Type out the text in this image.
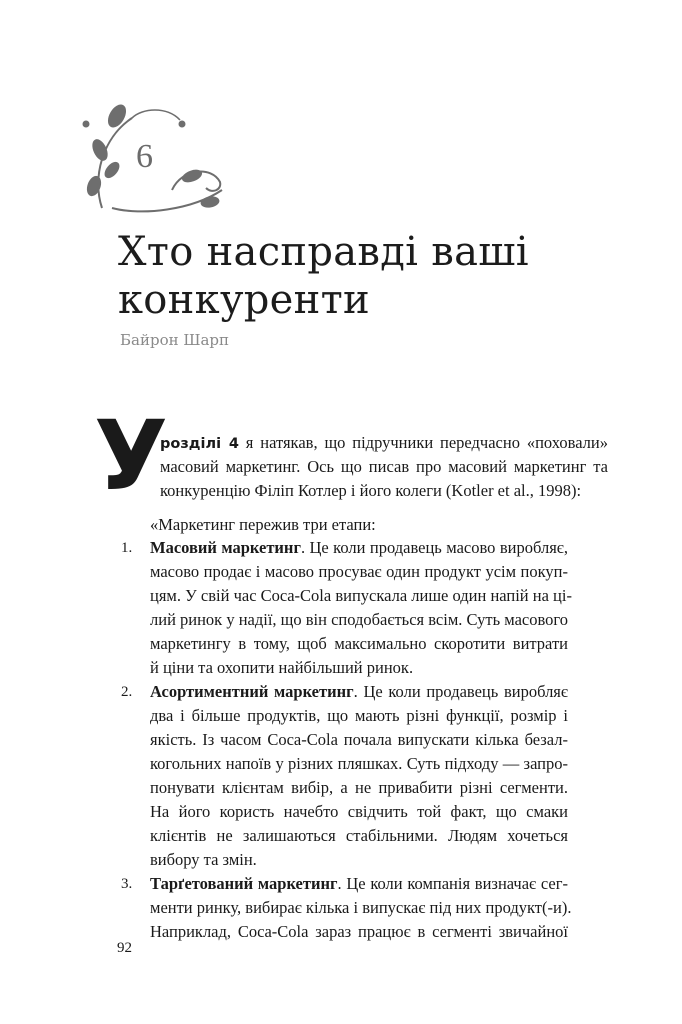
6
Хто насправді ваші
конкуренти
Байрон Шарп
У
розділі 4 я натякав, що підручники передчасно «поховали»
масовий маркетинг. Ось що писав про масовий маркетинг та
конкуренцію Філіп Котлер і його колеги (Kotler et al., 1998):
«Маркетинг пережив три етапи:
1. Масовий маркетинг. Це коли продавець масово виробляє,
масово продає і масово просуває один продукт усім покуп-
цям. У свій час Coca-Cola випускала лише один напій на ці-
лий ринок у надії, що він сподобається всім. Суть масового
маркетингу в тому, щоб максимально скоротити витрати
й ціни та охопити найбільший ринок.
2. Асортиментний маркетинг. Це коли продавець виробляє
два і більше продуктів, що мають різні функції, розмір і
якість. Із часом Coca-Cola почала випускати кілька безал-
когольних напоїв у різних пляшках. Суть підходу — запро-
понувати клієнтам вибір, а не привабити різні сегменти.
На його користь начебто свідчить той факт, що смаки
клієнтів не залишаються стабільними. Людям хочеться
вибору та змін.
3. Тарґетований маркетинг. Це коли компанія визначає сег-
менти ринку, вибирає кілька і випускає під них продукт(-и).
Наприклад, Coca-Cola зараз працює в сегменті звичайної
92
